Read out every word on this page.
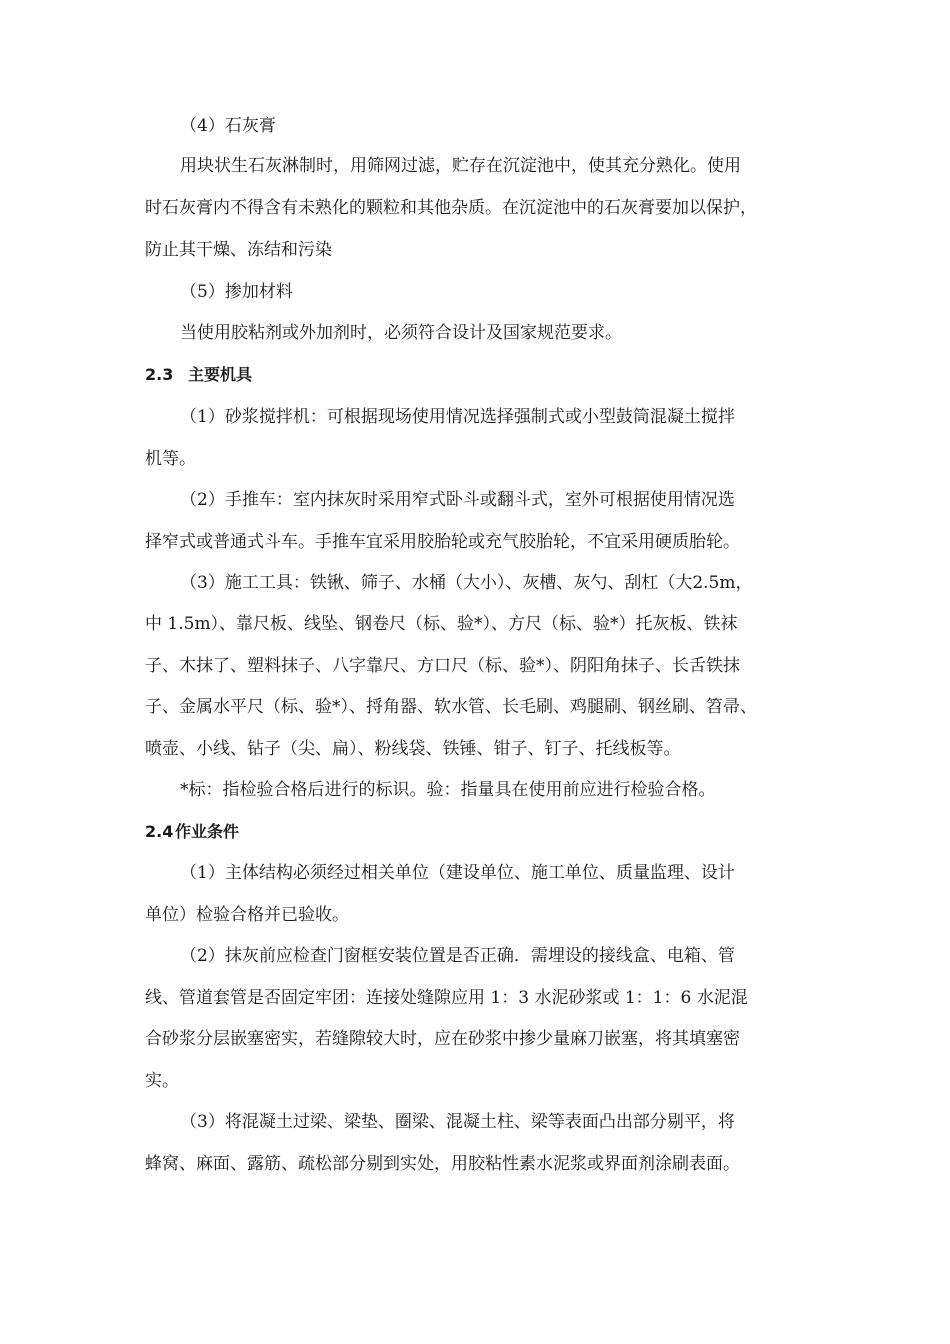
（4）石灰膏
用块状生石灰淋制时，用筛网过滤，贮存在沉淀池中，使其充分熟化。使用
时石灰膏内不得含有未熟化的颗粒和其他杂质。在沉淀池中的石灰膏要加以保护，
防止其干燥、冻结和污染
（5）掺加材料
当使用胶粘剂或外加剂时，必须符合设计及国家规范要求。
2.3 主要机具
（1）砂浆搅拌机：可根据现场使用情况选择强制式或小型鼓筒混凝土搅拌
机等。
（2）手推车：室内抹灰时采用窄式卧斗或翻斗式，室外可根据使用情况选
择窄式或普通式斗车。手推车宜采用胶胎轮或充气胶胎轮，不宜采用硬质胎轮。
（3）施工工具：铁锹、筛子、水桶（大小）、灰槽、灰勺、刮杠（大2.5m，
中 1.5m）、靠尺板、线坠、钢卷尺（标、验*）、方尺（标、验*）托灰板、铁袜
子、木抹了、塑料抹子、八字靠尺、方口尺（标、验*）、阴阳角抹子、长舌铁抹
子、金属水平尺（标、验*）、捋角器、软水管、长毛刷、鸡腿刷、钢丝刷、笤帚、
喷壶、小线、钻子（尖、扁）、粉线袋、铁锤、钳子、钉子、托线板等。
*标：指检验合格后进行的标识。验：指量具在使用前应进行检验合格。
2.4 作业条件
（1）主体结构必须经过相关单位（建设单位、施工单位、质量监理、设计
单位）检验合格并已验收。
（2）抹灰前应检查门窗框安装位置是否正确．需埋设的接线盒、电箱、管
线、管道套管是否固定牢团：连接处缝隙应用 1：3 水泥砂浆或 1：1：6 水泥混
合砂浆分层嵌塞密实，若缝隙较大时，应在砂浆中掺少量麻刀嵌塞，将其填塞密
实。
（3）将混凝土过梁、梁垫、圈梁、混凝土柱、梁等表面凸出部分剔平，将
蜂窝、麻面、露筋、疏松部分剔到实处，用胶粘性素水泥浆或界面剂涂刷表面。
